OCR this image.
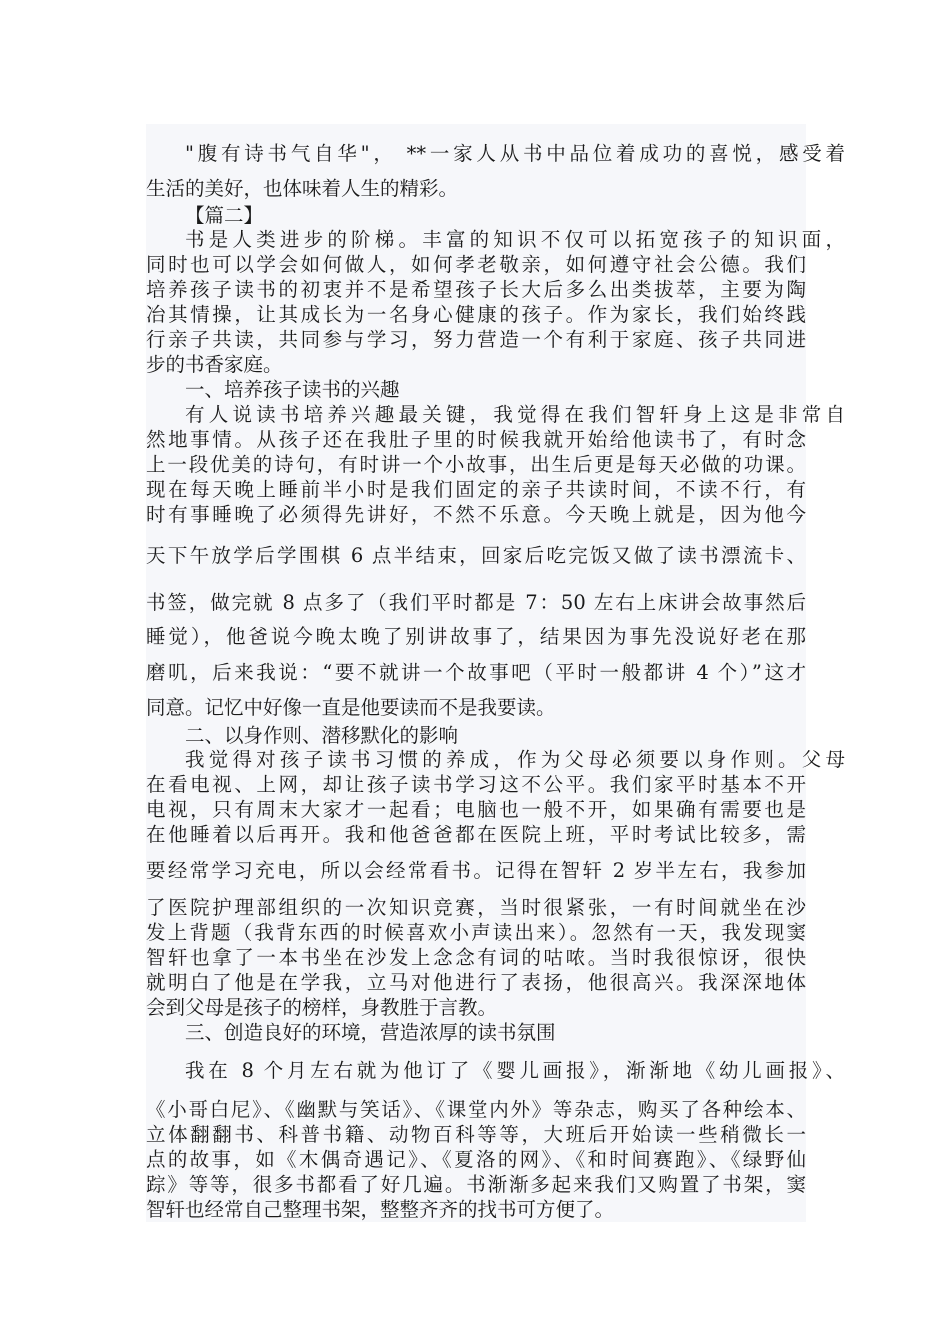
"腹有诗书气自华"， **一家人从书中品位着成功的喜悦，感受着
生活的美好，也体味着人生的精彩。
【篇二】
书是人类进步的阶梯。丰富的知识不仅可以拓宽孩子的知识面，
同时也可以学会如何做人，如何孝老敬亲，如何遵守社会公德。我们
培养孩子读书的初衷并不是希望孩子长大后多么出类拔萃，主要为陶
冶其情操，让其成长为一名身心健康的孩子。作为家长，我们始终践
行亲子共读，共同参与学习，努力营造一个有利于家庭、孩子共同进
步的书香家庭。
一、培养孩子读书的兴趣
有人说读书培养兴趣最关键，我觉得在我们智轩身上这是非常自
然地事情。从孩子还在我肚子里的时候我就开始给他读书了，有时念
上一段优美的诗句，有时讲一个小故事，出生后更是每天必做的功课。
现在每天晚上睡前半小时是我们固定的亲子共读时间，不读不行，有
时有事睡晚了必须得先讲好，不然不乐意。今天晚上就是，因为他今
天下午放学后学围棋 6 点半结束，回家后吃完饭又做了读书漂流卡、
书签，做完就 8 点多了（我们平时都是 7：50 左右上床讲会故事然后
睡觉），他爸说今晚太晚了别讲故事了，结果因为事先没说好老在那
磨叽，后来我说：“要不就讲一个故事吧（平时一般都讲 4 个）”这才
同意。记忆中好像一直是他要读而不是我要读。
二、以身作则、潜移默化的影响
我觉得对孩子读书习惯的养成，作为父母必须要以身作则。父母
在看电视、上网，却让孩子读书学习这不公平。我们家平时基本不开
电视，只有周末大家才一起看；电脑也一般不开，如果确有需要也是
在他睡着以后再开。我和他爸爸都在医院上班，平时考试比较多，需
要经常学习充电，所以会经常看书。记得在智轩 2 岁半左右，我参加
了医院护理部组织的一次知识竞赛，当时很紧张，一有时间就坐在沙
发上背题（我背东西的时候喜欢小声读出来）。忽然有一天，我发现窦
智轩也拿了一本书坐在沙发上念念有词的咕哝。当时我很惊讶，很快
就明白了他是在学我，立马对他进行了表扬，他很高兴。我深深地体
会到父母是孩子的榜样，身教胜于言教。
三、创造良好的环境，营造浓厚的读书氛围
我在 8 个月左右就为他订了《婴儿画报》，渐渐地《幼儿画报》、
《小哥白尼》、《幽默与笑话》、《课堂内外》等杂志，购买了各种绘本、
立体翻翻书、科普书籍、动物百科等等，大班后开始读一些稍微长一
点的故事，如《木偶奇遇记》、《夏洛的网》、《和时间赛跑》、《绿野仙
踪》等等，很多书都看了好几遍。书渐渐多起来我们又购置了书架，窦
智轩也经常自己整理书架，整整齐齐的找书可方便了。
